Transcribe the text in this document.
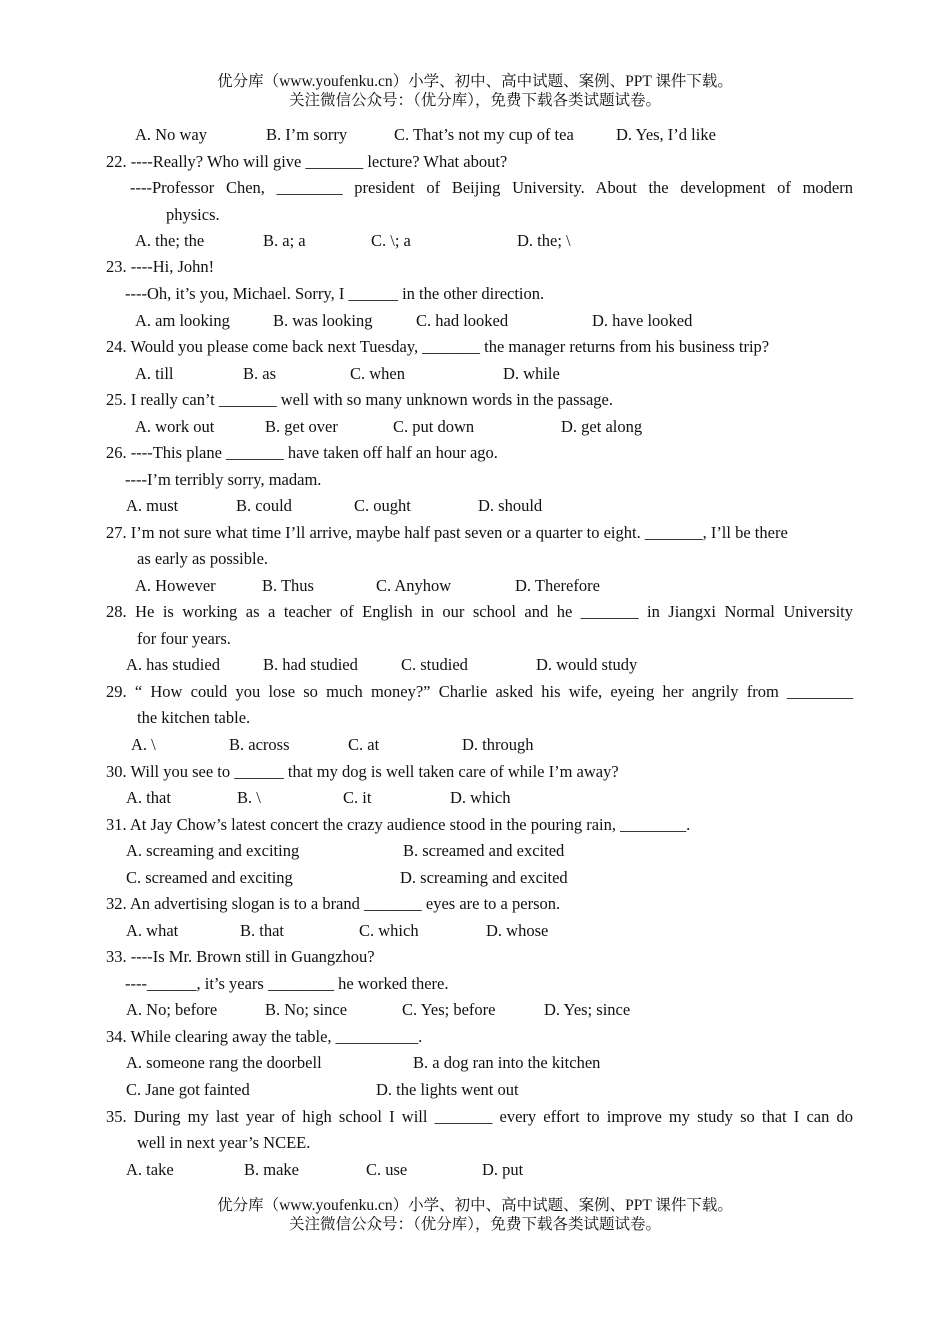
优分库（www.youfenku.cn）小学、初中、高中试题、案例、PPT 课件下载。
关注微信公众号：（优分库），免费下载各类试题试卷。
A. No way	B. I’m sorry	C. That’s not my cup of tea	D. Yes, I’d like
22. ----Really? Who will give _______ lecture? What about?
----Professor Chen, ________ president of Beijing University. About the development of modern
physics.
A. the; the	B. a; a	C. \; a	D. the; \
23. ----Hi, John!
----Oh, it’s you, Michael. Sorry, I ______ in the other direction.
A. am looking	B. was looking	C. had looked	D. have looked
24. Would you please come back next Tuesday, _______ the manager returns from his business trip?
A. till	B. as	C. when	D. while
25. I really can’t _______ well with so many unknown words in the passage.
A. work out	B. get over	C. put down	D. get along
26. ----This plane _______ have taken off half an hour ago.
----I’m terribly sorry, madam.
A. must	B. could	C. ought	D. should
27. I’m not sure what time I’ll arrive, maybe half past seven or a quarter to eight. _______, I’ll be there
as early as possible.
A. However	B. Thus	C. Anyhow	D. Therefore
28. He is working as a teacher of English in our school and he _______ in Jiangxi Normal University
for four years.
A. has studied	B. had studied	C. studied	D. would study
29. “ How could you lose so much money?” Charlie asked his wife, eyeing her angrily from ________
the kitchen table.
A. \	B. across	C. at	D. through
30. Will you see to ______ that my dog is well taken care of while I’m away?
A. that	B. \	C. it	D. which
31. At Jay Chow’s latest concert the crazy audience stood in the pouring rain, ________.
A. screaming and exciting	B. screamed and excited
C. screamed and exciting	D. screaming and excited
32. An advertising slogan is to a brand _______ eyes are to a person.
A. what	B. that	C. which	D. whose
33. ----Is Mr. Brown still in Guangzhou?
----______, it’s years ________ he worked there.
A. No; before	B. No; since	C. Yes; before	D. Yes; since
34. While clearing away the table, __________.
A. someone rang the doorbell	B. a dog ran into the kitchen
C. Jane got fainted	D. the lights went out
35. During my last year of high school I will _______ every effort to improve my study so that I can do
well in next year’s NCEE.
A. take	B. make	C. use	D. put
优分库（www.youfenku.cn）小学、初中、高中试题、案例、PPT 课件下载。
关注微信公众号：（优分库），免费下载各类试题试卷。
